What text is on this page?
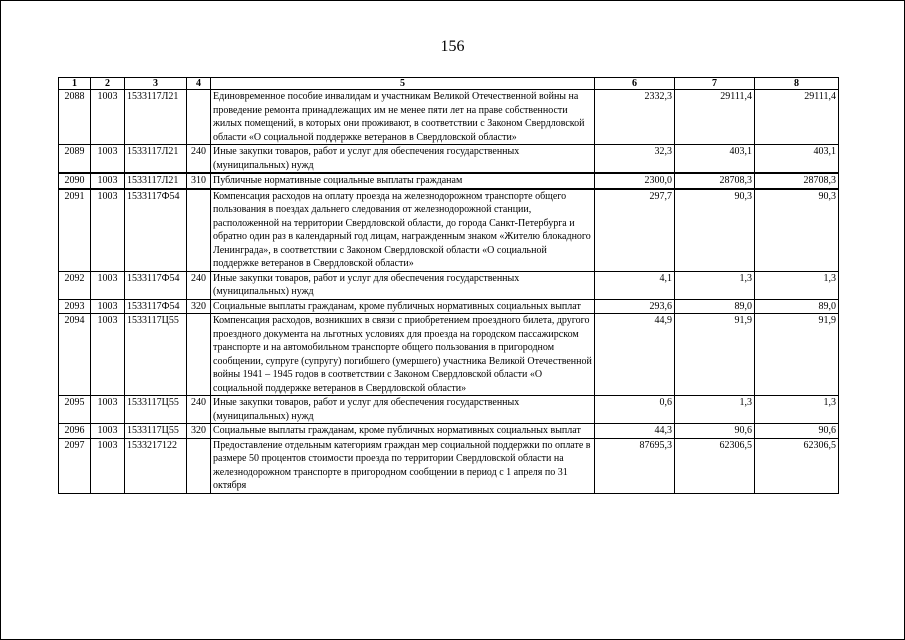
156
1	2	3	4	5	6	7	8
2088	1003	1533117Л21		Единовременное пособие инвалидам и участникам Великой Отечественной войны на проведение ремонта принадлежащих им не менее пяти лет на праве собственности жилых помещений, в которых они проживают, в соответствии с Законом Свердловской области «О социальной поддержке ветеранов в Свердловской области»	2332,3	29111,4	29111,4
2089	1003	1533117Л21	240	Иные закупки товаров, работ и услуг для обеспечения государственных (муниципальных) нужд	32,3	403,1	403,1
2090	1003	1533117Л21	310	Публичные нормативные социальные выплаты гражданам	2300,0	28708,3	28708,3
2091	1003	1533117Ф54		Компенсация расходов на оплату проезда на железнодорожном транспорте общего пользования в поездах дальнего следования от железнодорожной станции, расположенной на территории Свердловской области, до города Санкт-Петербурга и обратно один раз в календарный год лицам, награжденным знаком «Жителю блокадного Ленинграда», в соответствии с Законом Свердловской области «О социальной поддержке ветеранов в Свердловской области»	297,7	90,3	90,3
2092	1003	1533117Ф54	240	Иные закупки товаров, работ и услуг для обеспечения государственных (муниципальных) нужд	4,1	1,3	1,3
2093	1003	1533117Ф54	320	Социальные выплаты гражданам, кроме публичных нормативных социальных выплат	293,6	89,0	89,0
2094	1003	1533117Ц55		Компенсация расходов, возникших в связи с приобретением проездного билета, другого проездного документа на льготных условиях для проезда на городском пассажирском транспорте и на автомобильном транспорте общего пользования в пригородном сообщении, супруге (супругу) погибшего (умершего) участника Великой Отечественной войны 1941 – 1945 годов в соответствии с Законом Свердловской области «О социальной поддержке ветеранов в Свердловской области»	44,9	91,9	91,9
2095	1003	1533117Ц55	240	Иные закупки товаров, работ и услуг для обеспечения государственных (муниципальных) нужд	0,6	1,3	1,3
2096	1003	1533117Ц55	320	Социальные выплаты гражданам, кроме публичных нормативных социальных выплат	44,3	90,6	90,6
2097	1003	1533217122		Предоставление отдельным категориям граждан мер социальной поддержки по оплате в размере 50 процентов стоимости проезда по территории Свердловской области на железнодорожном транспорте в пригородном сообщении в период с 1 апреля по 31 октября	87695,3	62306,5	62306,5
